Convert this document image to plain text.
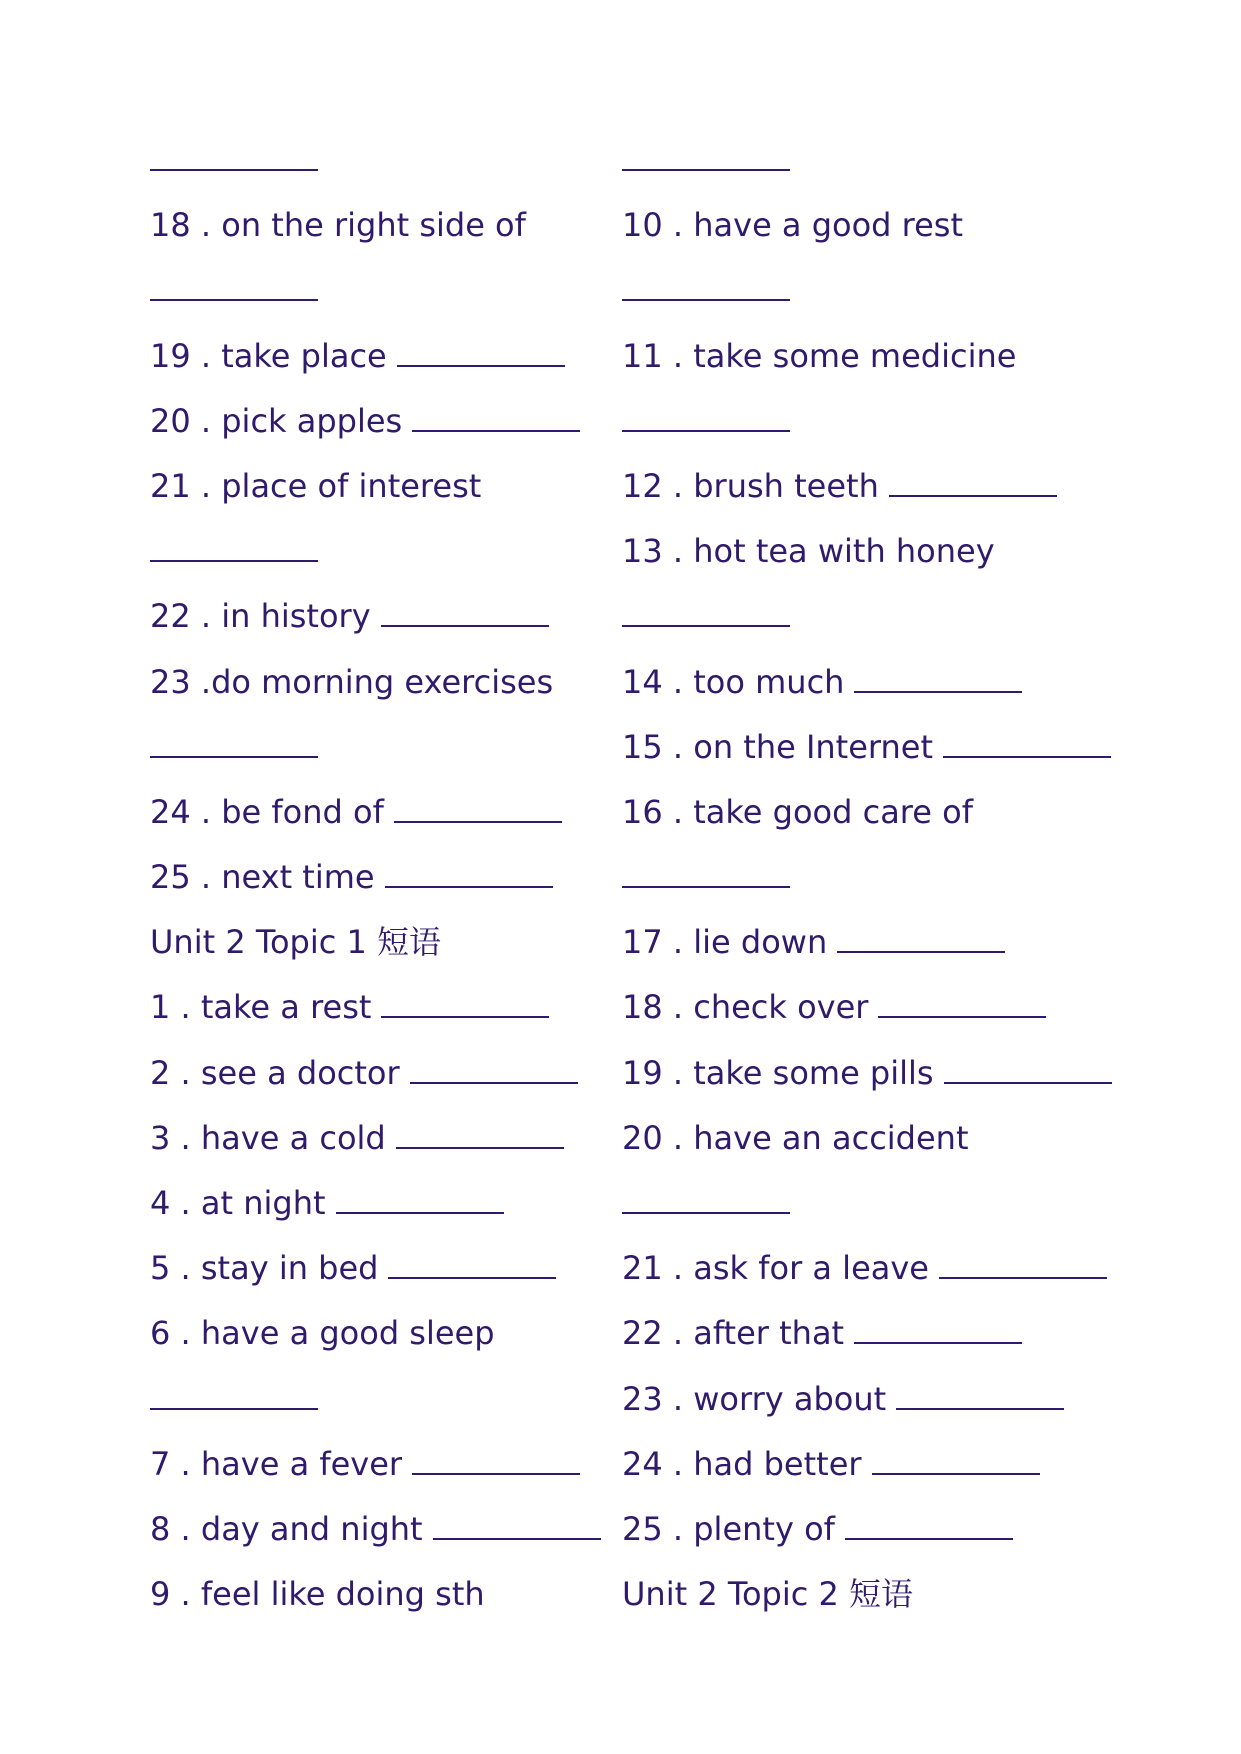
18 . on the right side of
19 . take place
20 . pick apples
21 . place of interest
22 . in history
23 .do morning exercises
24 . be fond of
25 . next time
Unit 2 Topic 1 短语
1 . take a rest
2 . see a doctor
3 . have a cold
4 . at night
5 . stay in bed
6 . have a good sleep
7 . have a fever
8 . day and night
9 . feel like doing sth
10 . have a good rest
11 . take some medicine
12 . brush teeth
13 . hot tea with honey
14 . too much
15 . on the Internet
16 . take good care of
17 . lie down
18 . check over
19 . take some pills
20 . have an accident
21 . ask for a leave
22 . after that
23 . worry about
24 . had better
25 . plenty of
Unit 2 Topic 2 短语
